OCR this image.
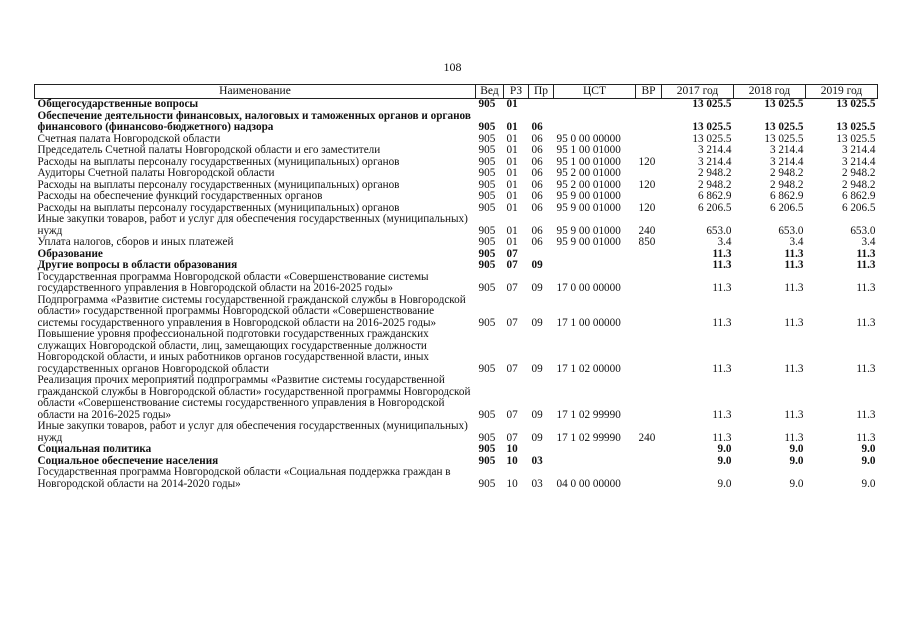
108
Наименование	Вед	РЗ	Пр	ЦСТ	ВР	2017 год	2018 год	2019 год
Общегосударственные вопросы	905	01				13 025.5	13 025.5	13 025.5
Обеспечение деятельности финансовых, налоговых и таможенных органов и органов финансового (финансово-бюджетного) надзора	905	01	06			13 025.5	13 025.5	13 025.5
Счетная палата Новгородской области	905	01	06	95 0 00 00000		13 025.5	13 025.5	13 025.5
Председатель Счетной палаты Новгородской области и его заместители	905	01	06	95 1 00 01000		3 214.4	3 214.4	3 214.4
Расходы на выплаты персоналу государственных (муниципальных) органов	905	01	06	95 1 00 01000	120	3 214.4	3 214.4	3 214.4
Аудиторы Счетной палаты Новгородской области	905	01	06	95 2 00 01000		2 948.2	2 948.2	2 948.2
Расходы на выплаты персоналу государственных (муниципальных) органов	905	01	06	95 2 00 01000	120	2 948.2	2 948.2	2 948.2
Расходы на обеспечение функций государственных органов	905	01	06	95 9 00 01000		6 862.9	6 862.9	6 862.9
Расходы на выплаты персоналу государственных (муниципальных) органов	905	01	06	95 9 00 01000	120	6 206.5	6 206.5	6 206.5
Иные закупки товаров, работ и услуг для обеспечения государственных (муниципальных) нужд	905	01	06	95 9 00 01000	240	653.0	653.0	653.0
Уплата налогов, сборов и иных платежей	905	01	06	95 9 00 01000	850	3.4	3.4	3.4
Образование	905	07				11.3	11.3	11.3
Другие вопросы в области образования	905	07	09			11.3	11.3	11.3
Государственная программа Новгородской области «Совершенствование системы государственного управления в Новгородской области на 2016-2025 годы»	905	07	09	17 0 00 00000		11.3	11.3	11.3
Подпрограмма «Развитие системы государственной гражданской службы в Новгородской области» государственной программы Новгородской области «Совершенствование системы государственного управления в Новгородской области на 2016-2025 годы»	905	07	09	17 1 00 00000		11.3	11.3	11.3
Повышение уровня профессиональной подготовки государственных гражданских служащих Новгородской области, лиц, замещающих государственные должности Новгородской области, и иных работников органов государственной власти, иных государственных органов Новгородской области	905	07	09	17 1 02 00000		11.3	11.3	11.3
Реализация прочих мероприятий подпрограммы «Развитие системы государственной гражданской службы в Новгородской области» государственной программы Новгородской области «Совершенствование системы государственного управления в Новгородской области на 2016-2025 годы»	905	07	09	17 1 02 99990		11.3	11.3	11.3
Иные закупки товаров, работ и услуг для обеспечения государственных (муниципальных) нужд	905	07	09	17 1 02 99990	240	11.3	11.3	11.3
Социальная политика	905	10				9.0	9.0	9.0
Социальное обеспечение населения	905	10	03			9.0	9.0	9.0
Государственная программа Новгородской области «Социальная поддержка граждан в Новгородской области на 2014-2020 годы»	905	10	03	04 0 00 00000		9.0	9.0	9.0
